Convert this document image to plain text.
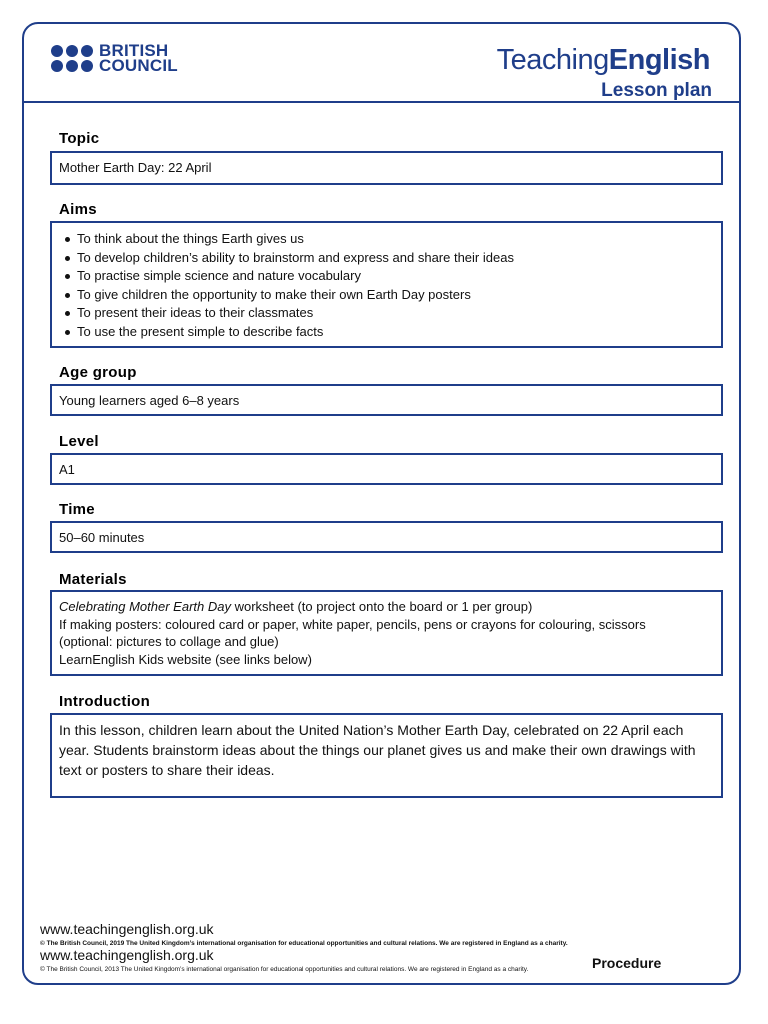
BRITISH
COUNCIL	TeachingEnglish
Lesson plan
Topic
Mother Earth Day: 22 April
Aims
To think about the things Earth gives us
To develop children’s ability to brainstorm and express and share their ideas
To practise simple science and nature vocabulary
To give children the opportunity to make their own Earth Day posters
To present their ideas to their classmates
To use the present simple to describe facts
Age group
Young learners aged 6–8 years
Level
A1
Time
50–60 minutes
Materials
Celebrating Mother Earth Day worksheet (to project onto the board or 1 per group)
If making posters: coloured card or paper, white paper, pencils, pens or crayons for colouring, scissors
(optional: pictures to collage and glue)
LearnEnglish Kids website (see links below)
Introduction
In this lesson, children learn about the United Nation’s Mother Earth Day, celebrated on 22 April each year. Students brainstorm ideas about the things our planet gives us and make their own drawings with text or posters to share their ideas.
www.teachingenglish.org.uk
© The British Council, 2019 The United Kingdom’s international organisation for educational opportunities and cultural relations. We are registered in England as a charity.
www.teachingenglish.org.uk
© The British Council, 2013 The United Kingdom’s international organisation for educational opportunities and cultural relations. We are registered in England as a charity.	Procedure
